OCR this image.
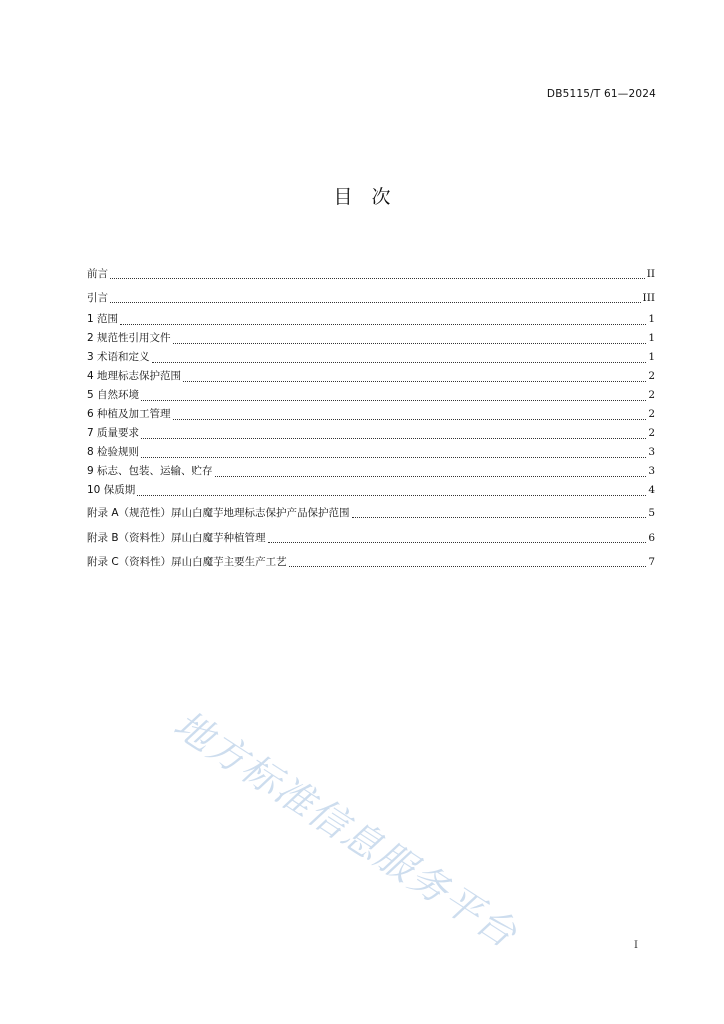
DB5115/T 61—2024
目　次
前言	II
引言	III
1 范围	1
2 规范性引用文件	1
3 术语和定义	1
4 地理标志保护范围	2
5 自然环境	2
6 种植及加工管理	2
7 质量要求	2
8 检验规则	3
9 标志、包装、运输、贮存	3
10 保质期	4
附录 A（规范性）屏山白魔芋地理标志保护产品保护范围	5
附录 B（资料性）屏山白魔芋种植管理	6
附录 C（资料性）屏山白魔芋主要生产工艺	7
地方标准信息服务平台	I
